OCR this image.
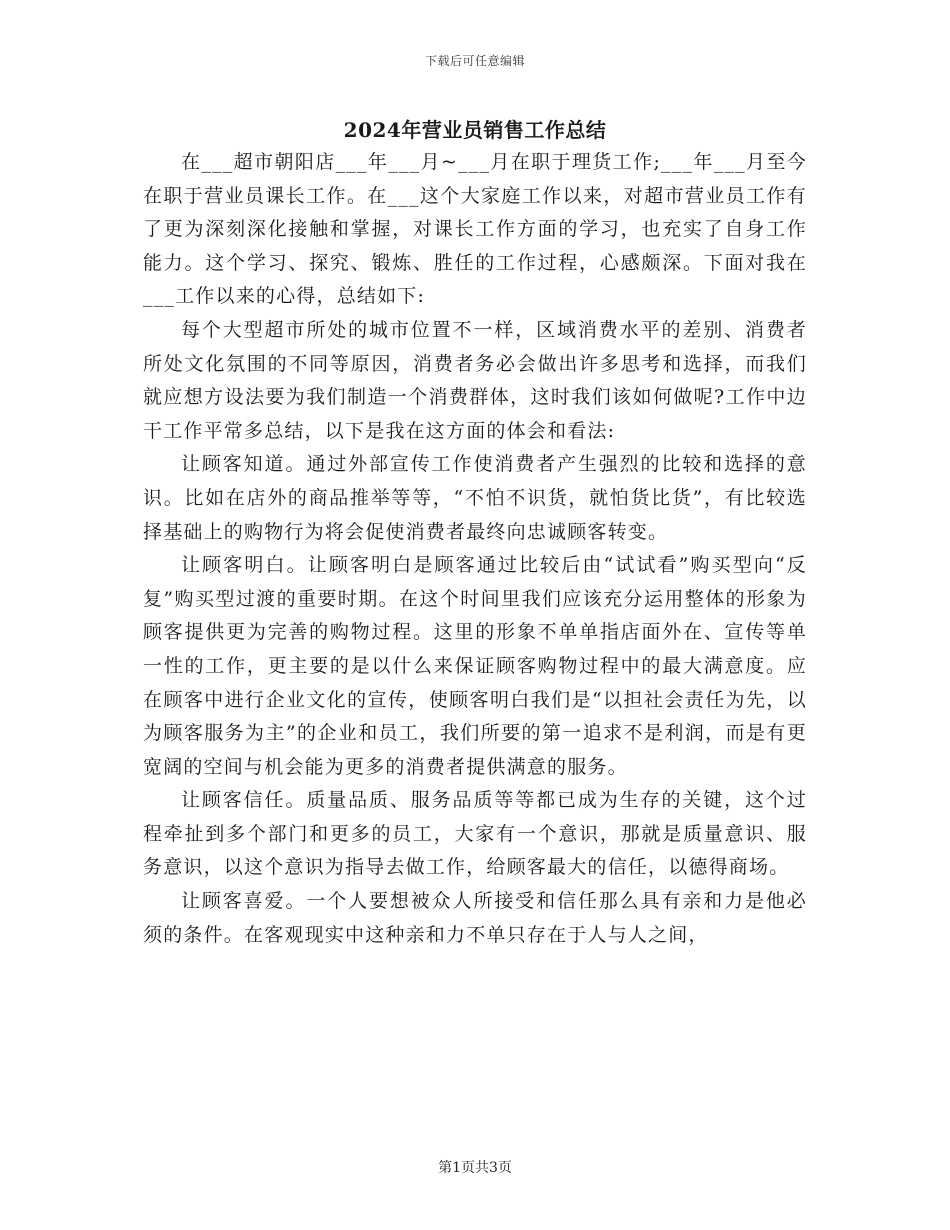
下载后可任意编辑
2024年营业员销售工作总结

在___超市朝阳店___年___月~___月在职于理货工作;___年___月至今在职于营业员课长工作。在___这个大家庭工作以来，对超市营业员工作有了更为深刻深化接触和掌握，对课长工作方面的学习，也充实了自身工作能力。这个学习、探究、锻炼、胜任的工作过程，心感颇深。下面对我在___工作以来的心得，总结如下:

每个大型超市所处的城市位置不一样，区域消费水平的差别、消费者所处文化氛围的不同等原因，消费者务必会做出许多思考和选择，而我们就应想方设法要为我们制造一个消费群体，这时我们该如何做呢?工作中边干工作平常多总结，以下是我在这方面的体会和看法:

让顾客知道。通过外部宣传工作使消费者产生强烈的比较和选择的意识。比如在店外的商品推举等等，“不怕不识货，就怕货比货”，有比较选择基础上的购物行为将会促使消费者最终向忠诚顾客转变。

让顾客明白。让顾客明白是顾客通过比较后由“试试看”购买型向“反复”购买型过渡的重要时期。在这个时间里我们应该充分运用整体的形象为顾客提供更为完善的购物过程。这里的形象不单单指店面外在、宣传等单一性的工作，更主要的是以什么来保证顾客购物过程中的最大满意度。应在顾客中进行企业文化的宣传，使顾客明白我们是“以担社会责任为先，以为顾客服务为主”的企业和员工，我们所要的第一追求不是利润，而是有更宽阔的空间与机会能为更多的消费者提供满意的服务。

让顾客信任。质量品质、服务品质等等都已成为生存的关键，这个过程牵扯到多个部门和更多的员工，大家有一个意识，那就是质量意识、服务意识，以这个意识为指导去做工作，给顾客最大的信任，以德得商场。

让顾客喜爱。一个人要想被众人所接受和信任那么具有亲和力是他必须的条件。在客观现实中这种亲和力不单只存在于人与人之间，

第1页共3页
